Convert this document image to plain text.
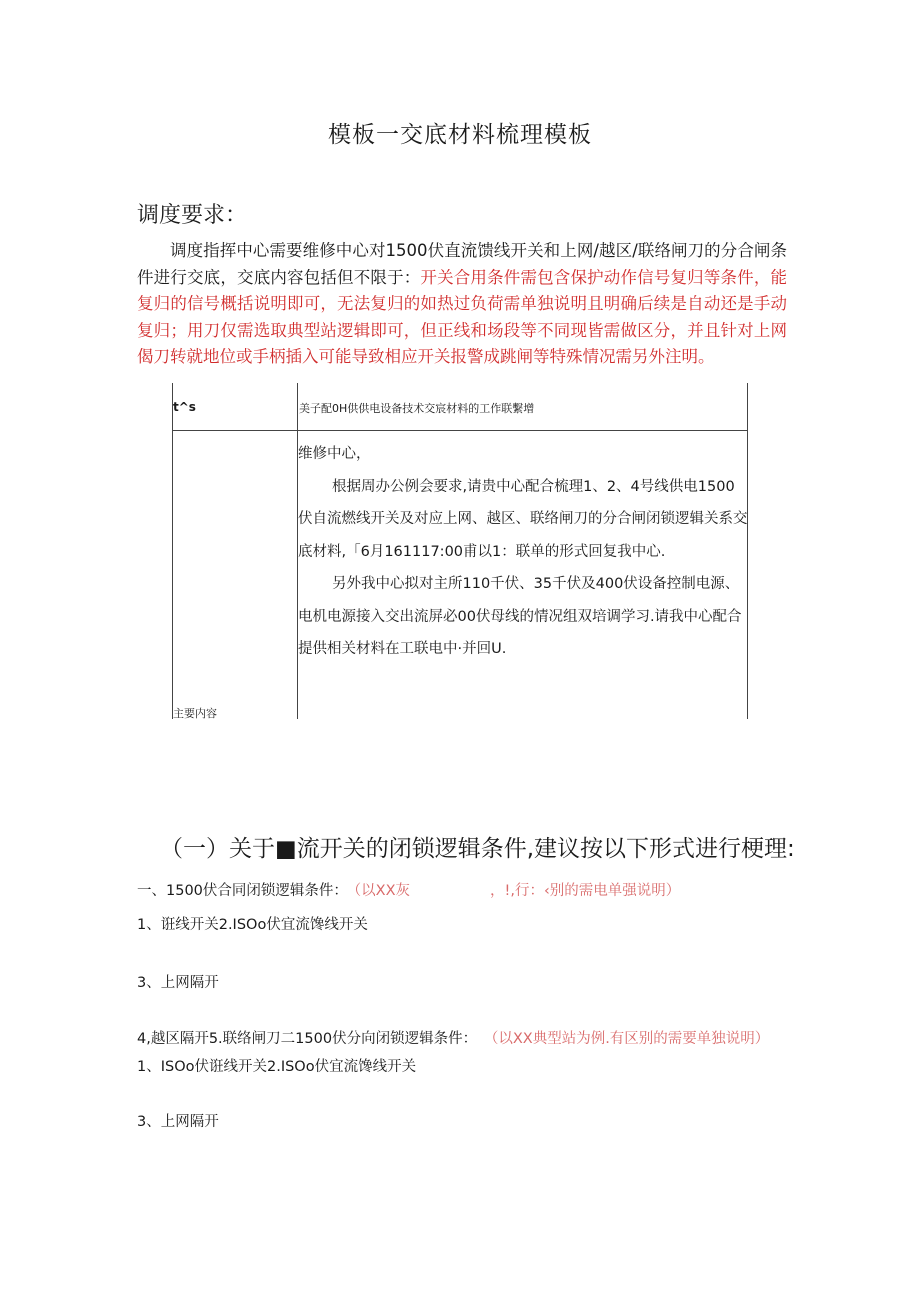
模板一交底材料梳理模板
调度要求：
调度指挥中心需要维修中心对1500伏直流馈线开关和上网/越区/联络闸刀的分合闸条件进行交底，交底内容包括但不限于：开关合用条件需包含保护动作信号复归等条件，能复归的信号概括说明即可，无法复归的如热过负荷需单独说明且明确后续是自动还是手动复归；用刀仅需选取典型站逻辑即可，但正线和场段等不同现皆需做区分，并且针对上网偈刀转就地位或手柄插入可能导致相应开关报警成跳闸等特殊情况需另外注明。
t^s	美子配0H供供电设备技术交宸材料的工作联繫增
主要内容

维修中心，

根据周办公例会要求,请贵中心配合梳理1、2、4号线供电1500伏自流燃线开关及对应上网、越区、联络闸刀的分合闸闭锁逻辑关系交底材料,「6月161117:00甫以1：联单的形式回复我中心.

另外我中心拟对主所110千伏、35千伏及400伏设备控制电源、电机电源接入交出流屏必00伏母线的情况组双培调学习.请我中心配合提供相关材料在工联电中·并回U.

（一）关于■流开关的闭锁逻辑条件,建议按以下形式进行梗理:
一、1500伏合同闭锁逻辑条件： （以XX灰	，!,行：‹别的需电单强说明）
1、诳线开关2.ISOo伏宜流馋线开关
3、上网隔开
4,越区隔开5.联络闸刀二1500伏分向闭锁逻辑条件： （以XX典型站为例.有区别的需要单独说明）
1、ISOo伏诳线开关2.ISOo伏宜流馋线开关
3、上网隔开
